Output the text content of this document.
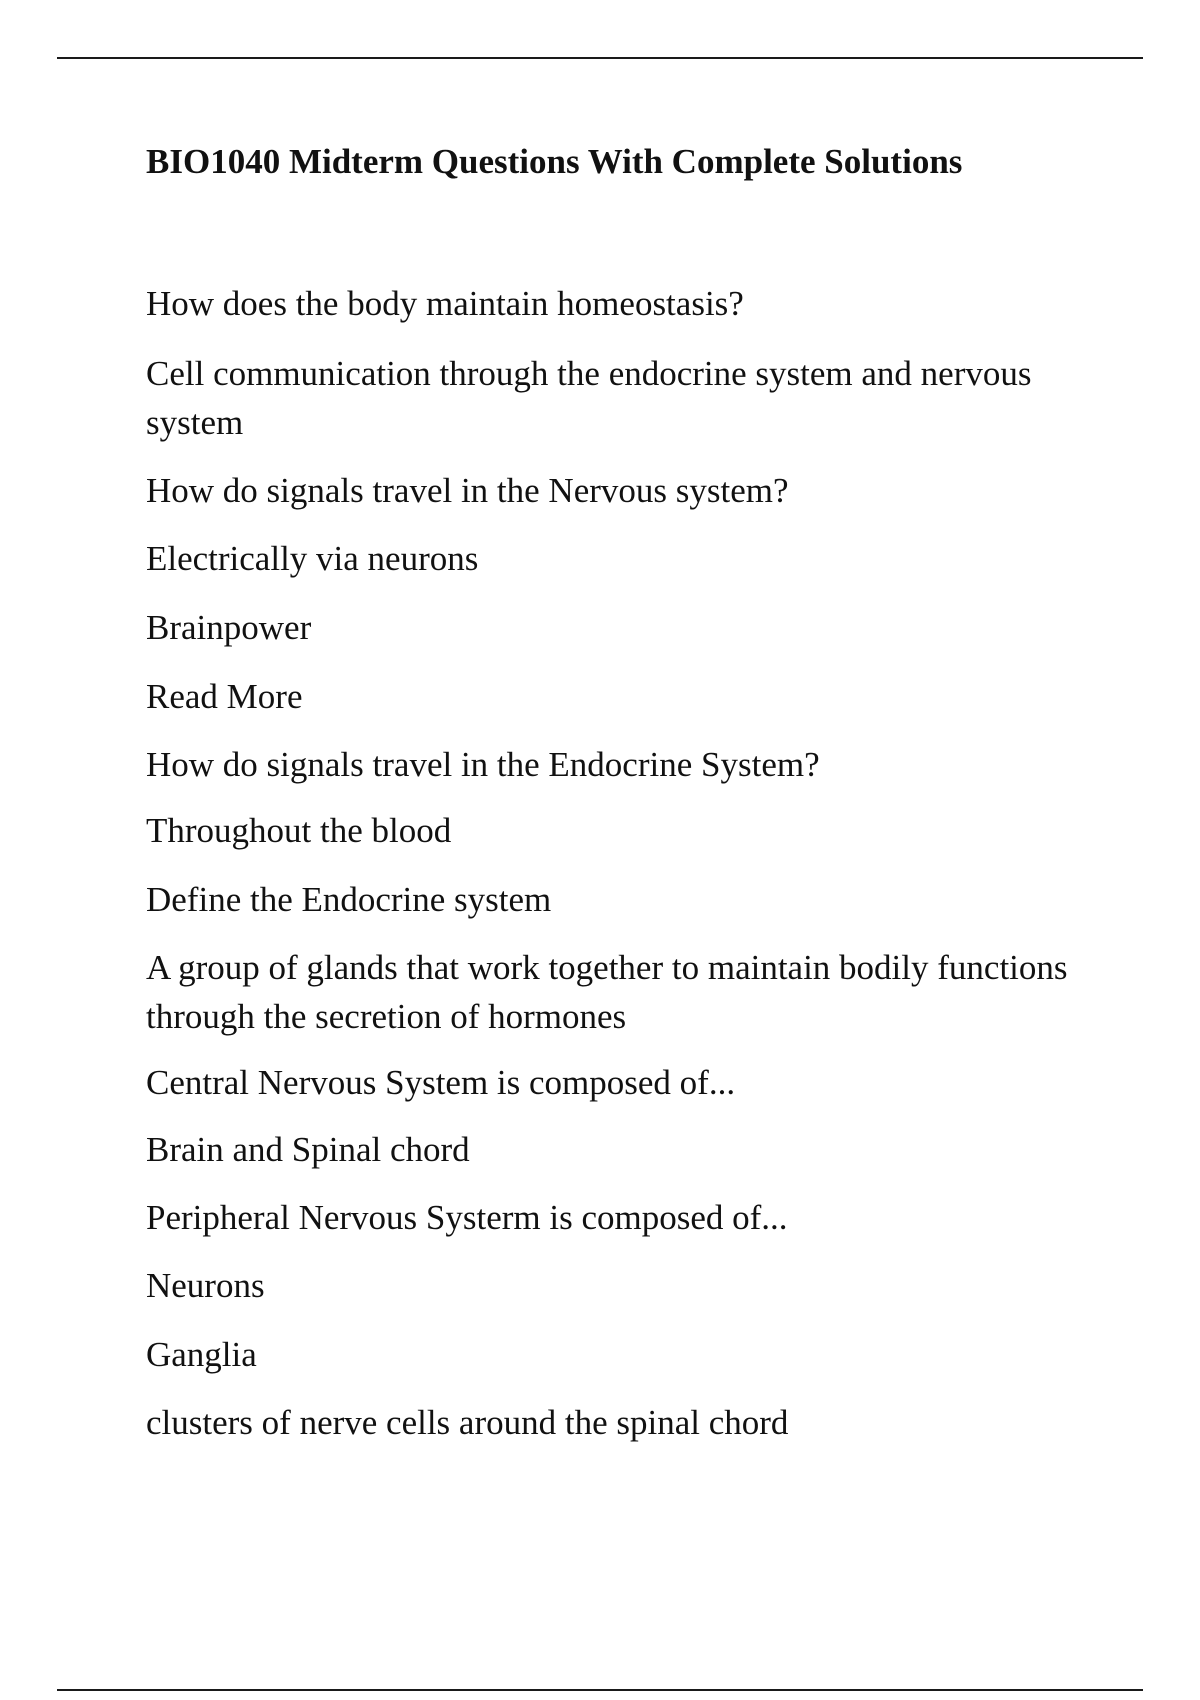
BIO1040 Midterm Questions With Complete Solutions

How does the body maintain homeostasis?

Cell communication through the endocrine system and nervous system

How do signals travel in the Nervous system?

Electrically via neurons

Brainpower

Read More

How do signals travel in the Endocrine System?

Throughout the blood

Define the Endocrine system

A group of glands that work together to maintain bodily functions through the secretion of hormones

Central Nervous System is composed of...

Brain and Spinal chord

Peripheral Nervous Systerm is composed of...

Neurons

Ganglia

clusters of nerve cells around the spinal chord
